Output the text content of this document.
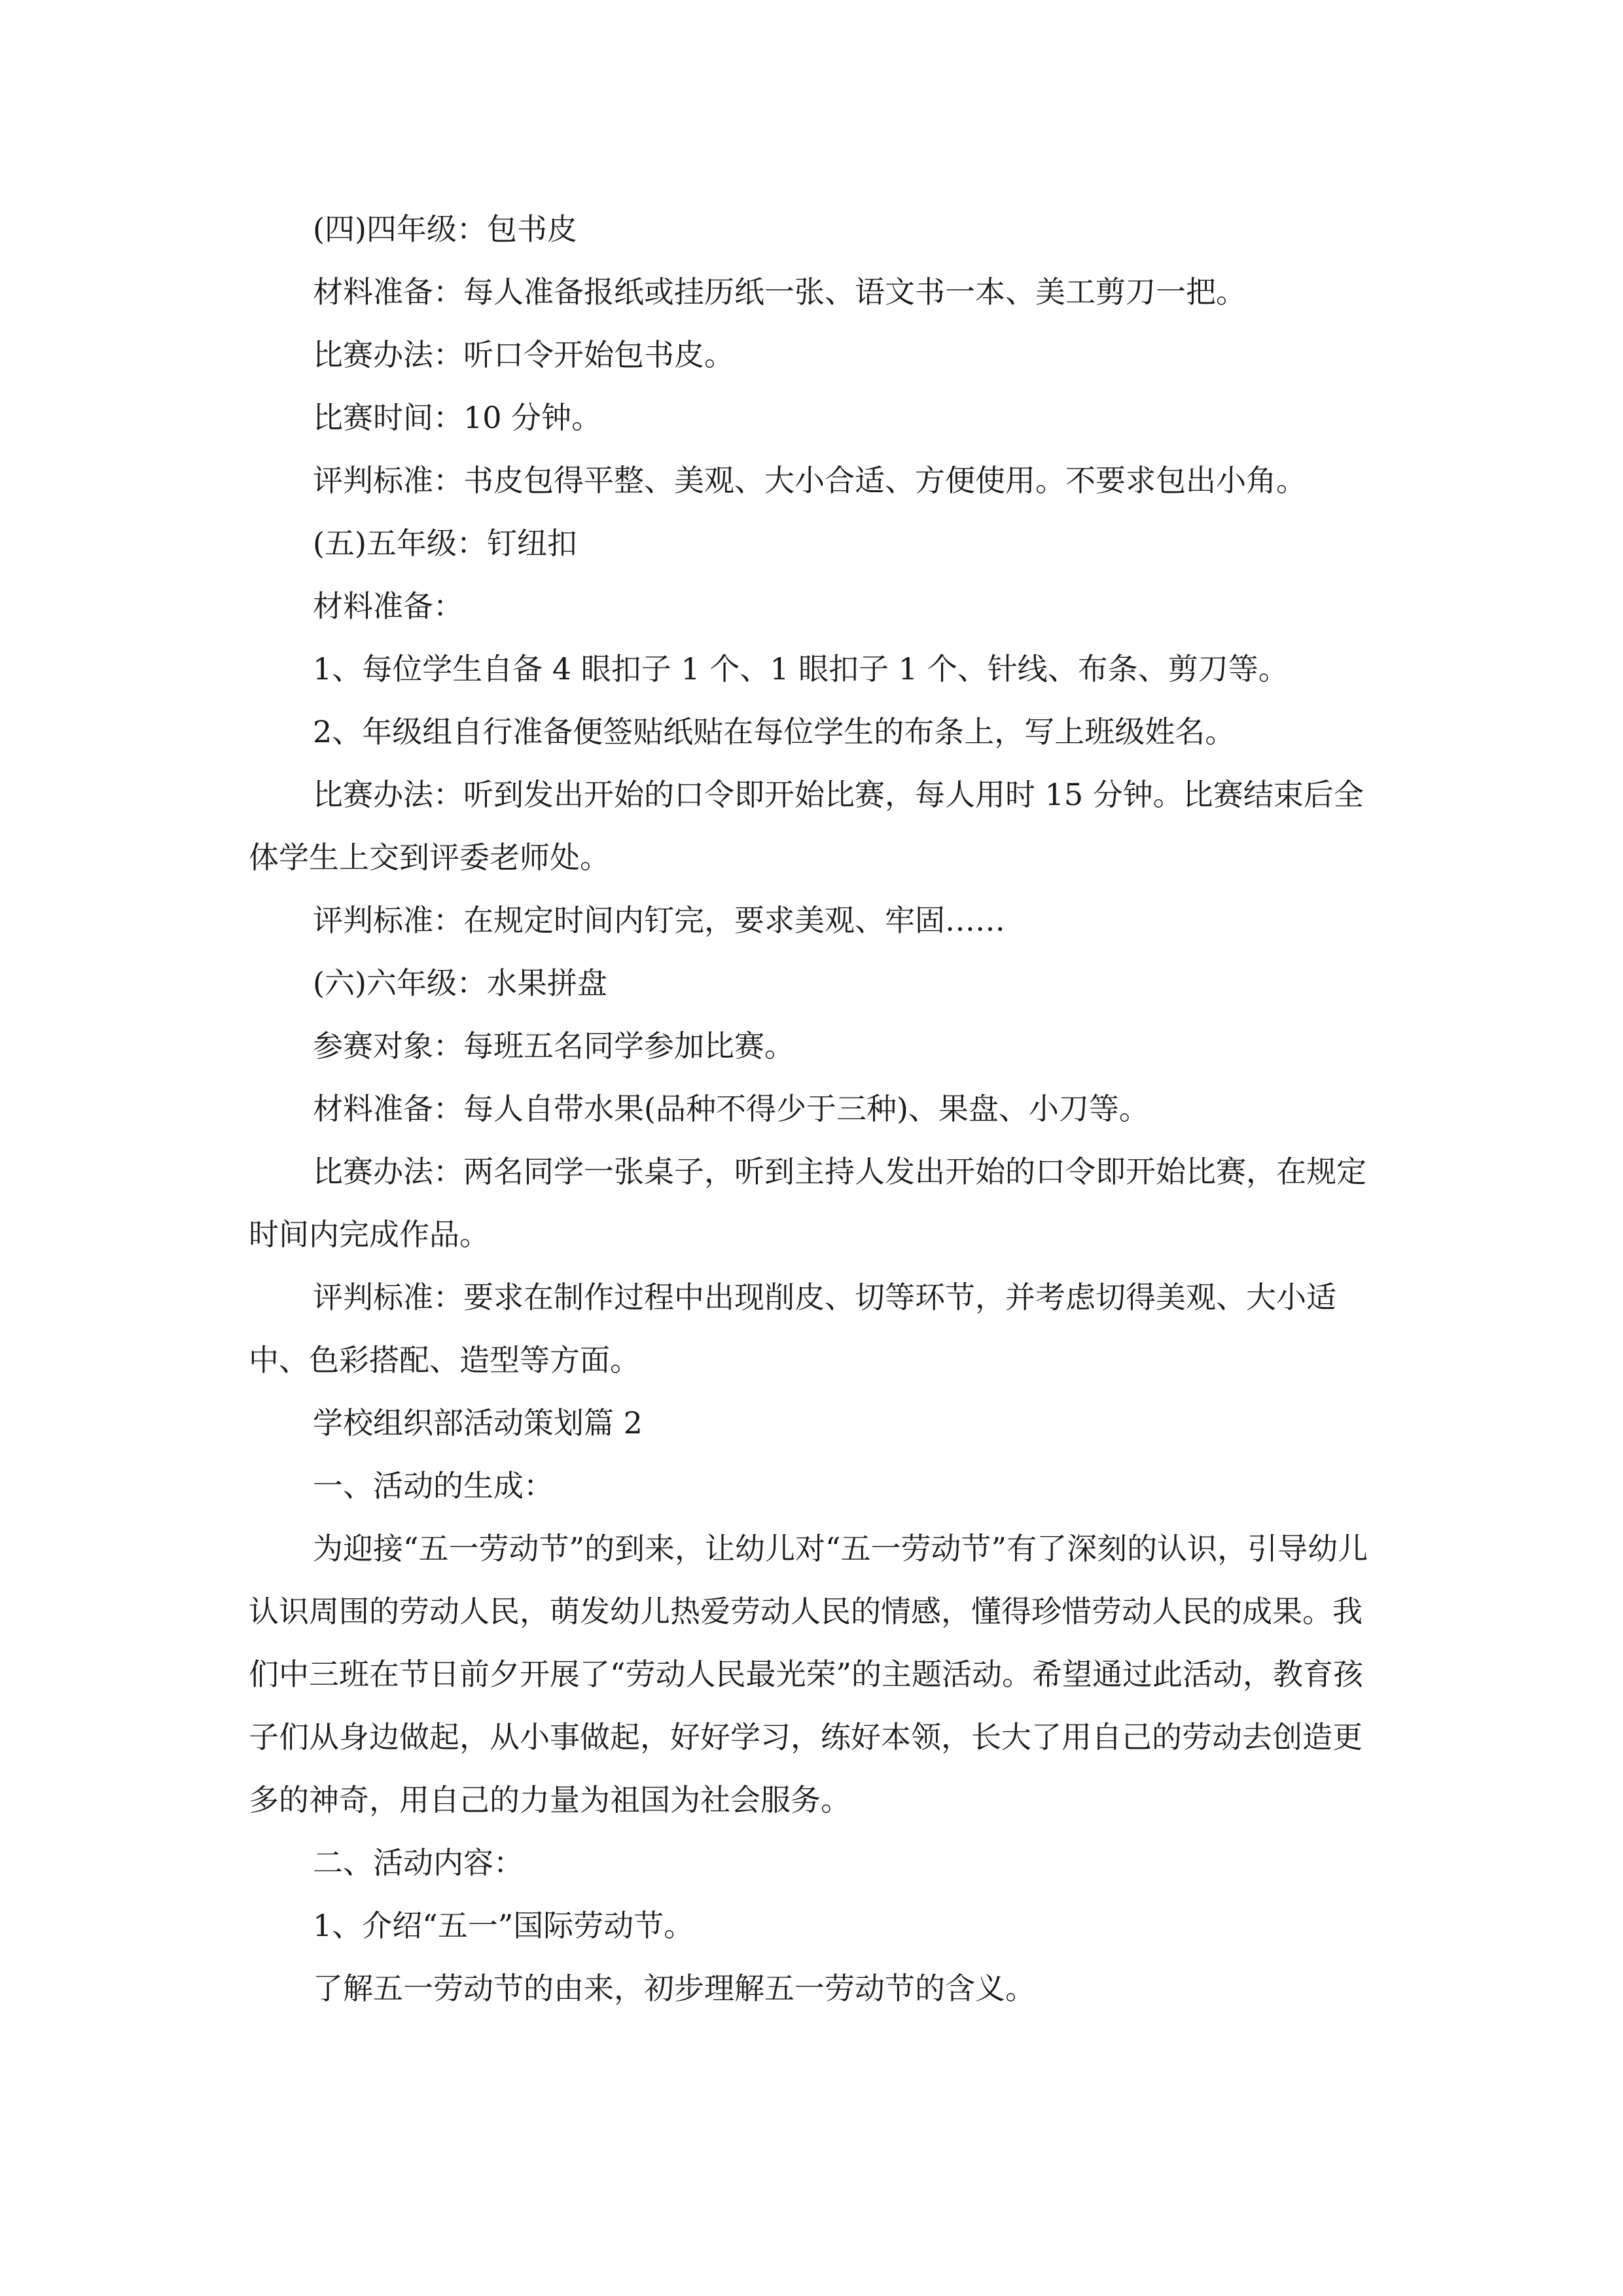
(四)四年级：包书皮

材料准备：每人准备报纸或挂历纸一张、语文书一本、美工剪刀一把。

比赛办法：听口令开始包书皮。

比赛时间：10 分钟。

评判标准：书皮包得平整、美观、大小合适、方便使用。不要求包出小角。

(五)五年级：钉纽扣

材料准备：

1、每位学生自备 4 眼扣子 1 个、1 眼扣子 1 个、针线、布条、剪刀等。

2、年级组自行准备便签贴纸贴在每位学生的布条上，写上班级姓名。

比赛办法：听到发出开始的口令即开始比赛，每人用时 15 分钟。比赛结束后全体学生上交到评委老师处。

评判标准：在规定时间内钉完，要求美观、牢固……

(六)六年级：水果拼盘

参赛对象：每班五名同学参加比赛。

材料准备：每人自带水果(品种不得少于三种)、果盘、小刀等。

比赛办法：两名同学一张桌子，听到主持人发出开始的口令即开始比赛，在规定时间内完成作品。

评判标准：要求在制作过程中出现削皮、切等环节，并考虑切得美观、大小适中、色彩搭配、造型等方面。

学校组织部活动策划篇 2

一、活动的生成：

为迎接“五一劳动节”的到来，让幼儿对“五一劳动节”有了深刻的认识，引导幼儿认识周围的劳动人民，萌发幼儿热爱劳动人民的情感，懂得珍惜劳动人民的成果。我们中三班在节日前夕开展了“劳动人民最光荣”的主题活动。希望通过此活动，教育孩子们从身边做起，从小事做起，好好学习，练好本领，长大了用自己的劳动去创造更多的神奇，用自己的力量为祖国为社会服务。

二、活动内容：

1、介绍“五一”国际劳动节。

了解五一劳动节的由来，初步理解五一劳动节的含义。
